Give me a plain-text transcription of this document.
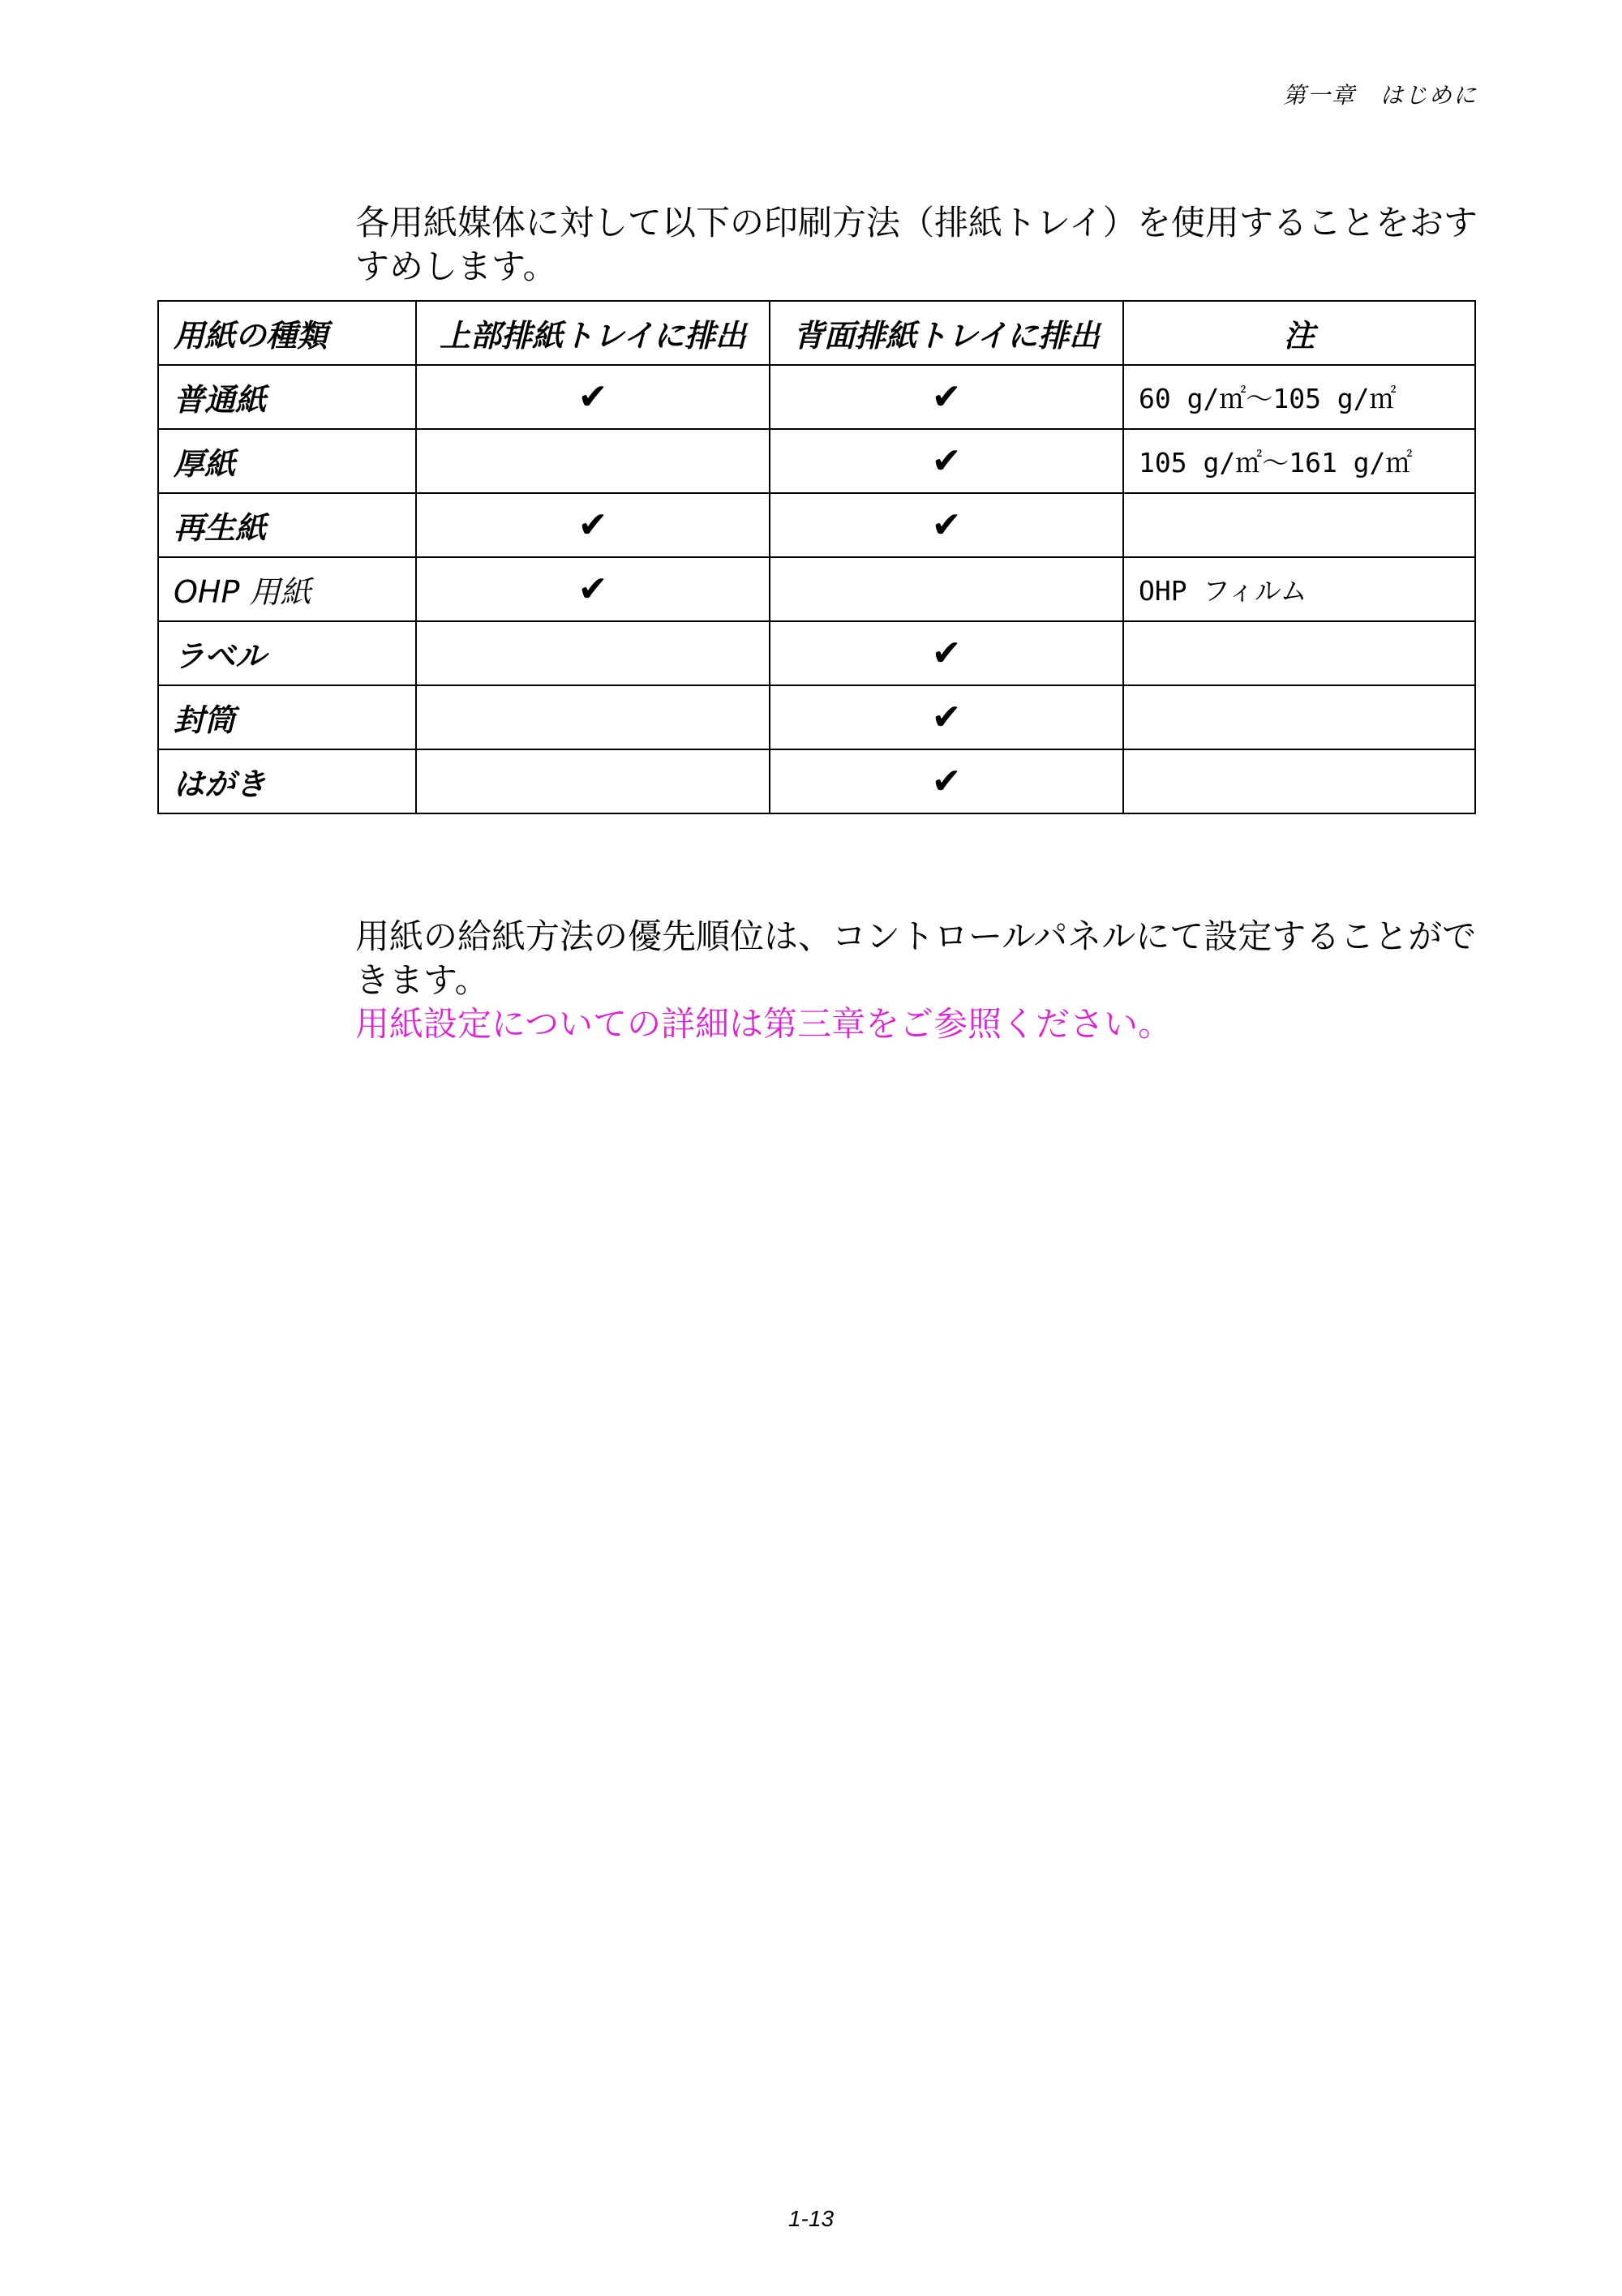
第一章　はじめに

各用紙媒体に対して以下の印刷方法（排紙トレイ）を使用することをおすすめします。

用紙の種類	上部排紙トレイに排出	背面排紙トレイに排出	注
普通紙	✔	✔	60 g/㎡～105 g/㎡
厚紙		✔	105 g/㎡～161 g/㎡
再生紙	✔	✔	
OHP 用紙	✔		OHP フィルム
ラベル		✔	
封筒		✔	
はがき		✔	

用紙の給紙方法の優先順位は、コントロールパネルにて設定することができます。

用紙設定についての詳細は第三章をご参照ください。

1-13
